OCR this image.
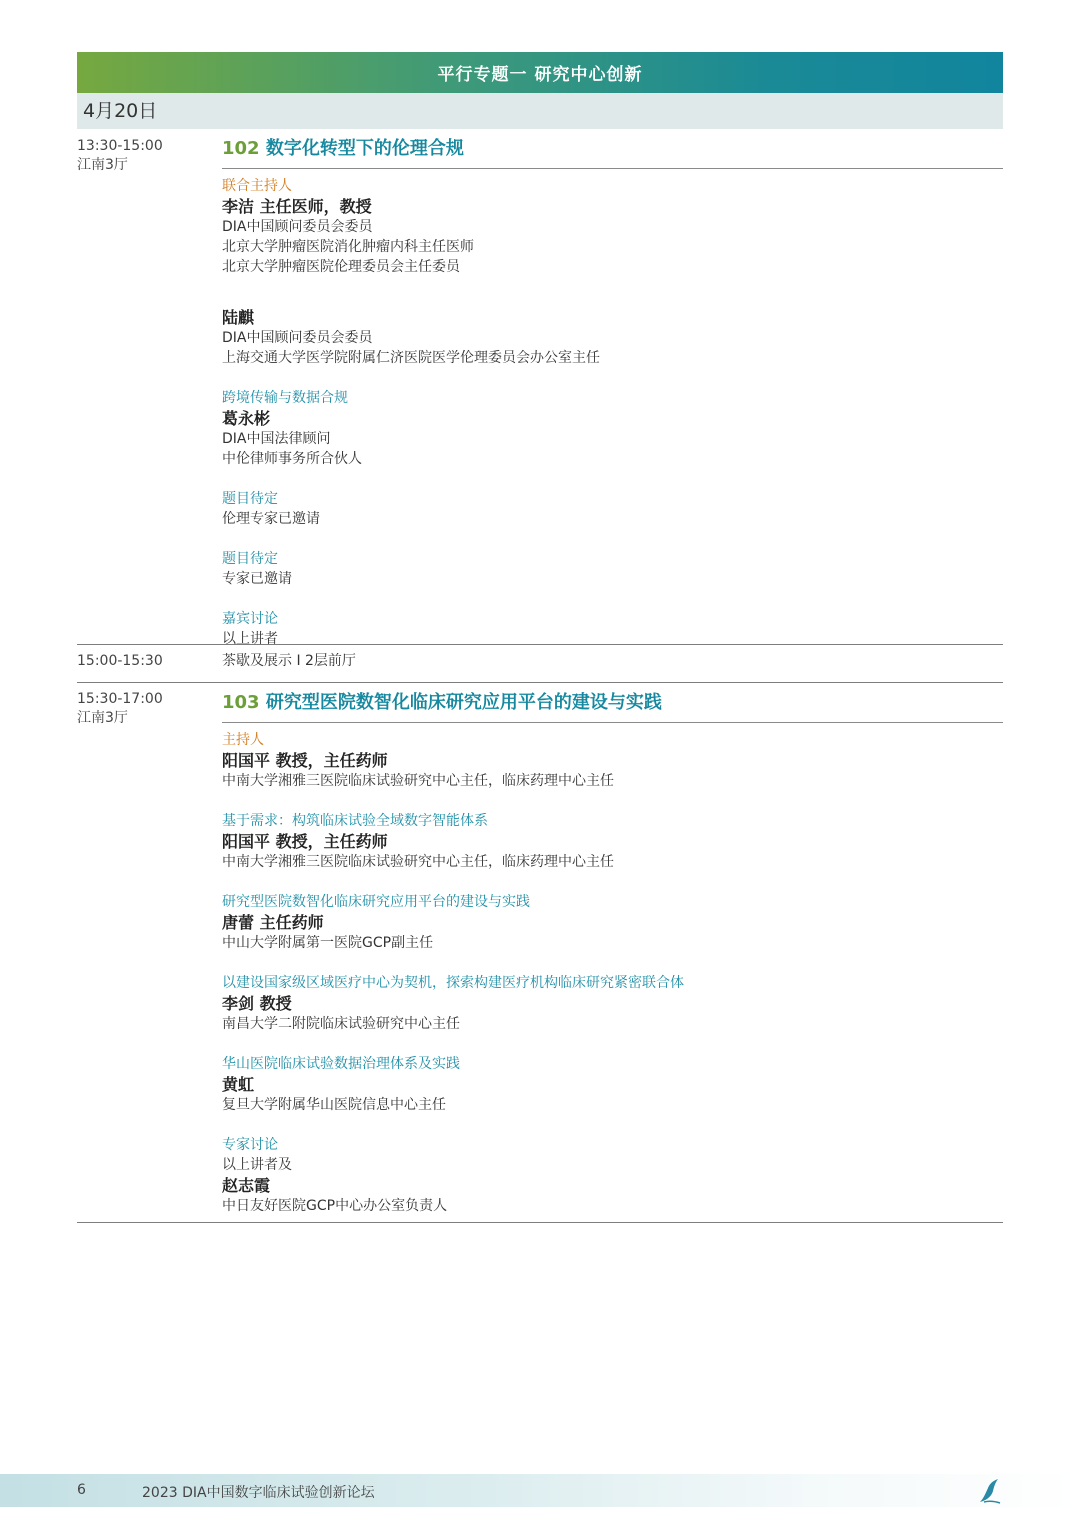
平行专题一 研究中心创新
4月20日
13:30-15:00
江南3厅
102 数字化转型下的伦理合规
联合主持人
李洁 主任医师，教授
DIA中国顾问委员会委员
北京大学肿瘤医院消化肿瘤内科主任医师
北京大学肿瘤医院伦理委员会主任委员
陆麒
DIA中国顾问委员会委员
上海交通大学医学院附属仁济医院医学伦理委员会办公室主任
跨境传输与数据合规
葛永彬
DIA中国法律顾问
中伦律师事务所合伙人
题目待定
伦理专家已邀请
题目待定
专家已邀请
嘉宾讨论
以上讲者
15:00-15:30	茶歇及展示 I 2层前厅
15:30-17:00
江南3厅
103 研究型医院数智化临床研究应用平台的建设与实践
主持人
阳国平 教授，主任药师
中南大学湘雅三医院临床试验研究中心主任，临床药理中心主任
基于需求：构筑临床试验全域数字智能体系
阳国平 教授，主任药师
中南大学湘雅三医院临床试验研究中心主任，临床药理中心主任
研究型医院数智化临床研究应用平台的建设与实践
唐蕾 主任药师
中山大学附属第一医院GCP副主任
以建设国家级区域医疗中心为契机，探索构建医疗机构临床研究紧密联合体
李剑 教授
南昌大学二附院临床试验研究中心主任
华山医院临床试验数据治理体系及实践
黄虹
复旦大学附属华山医院信息中心主任
专家讨论
以上讲者及
赵志霞
中日友好医院GCP中心办公室负责人
6	2023 DIA中国数字临床试验创新论坛
